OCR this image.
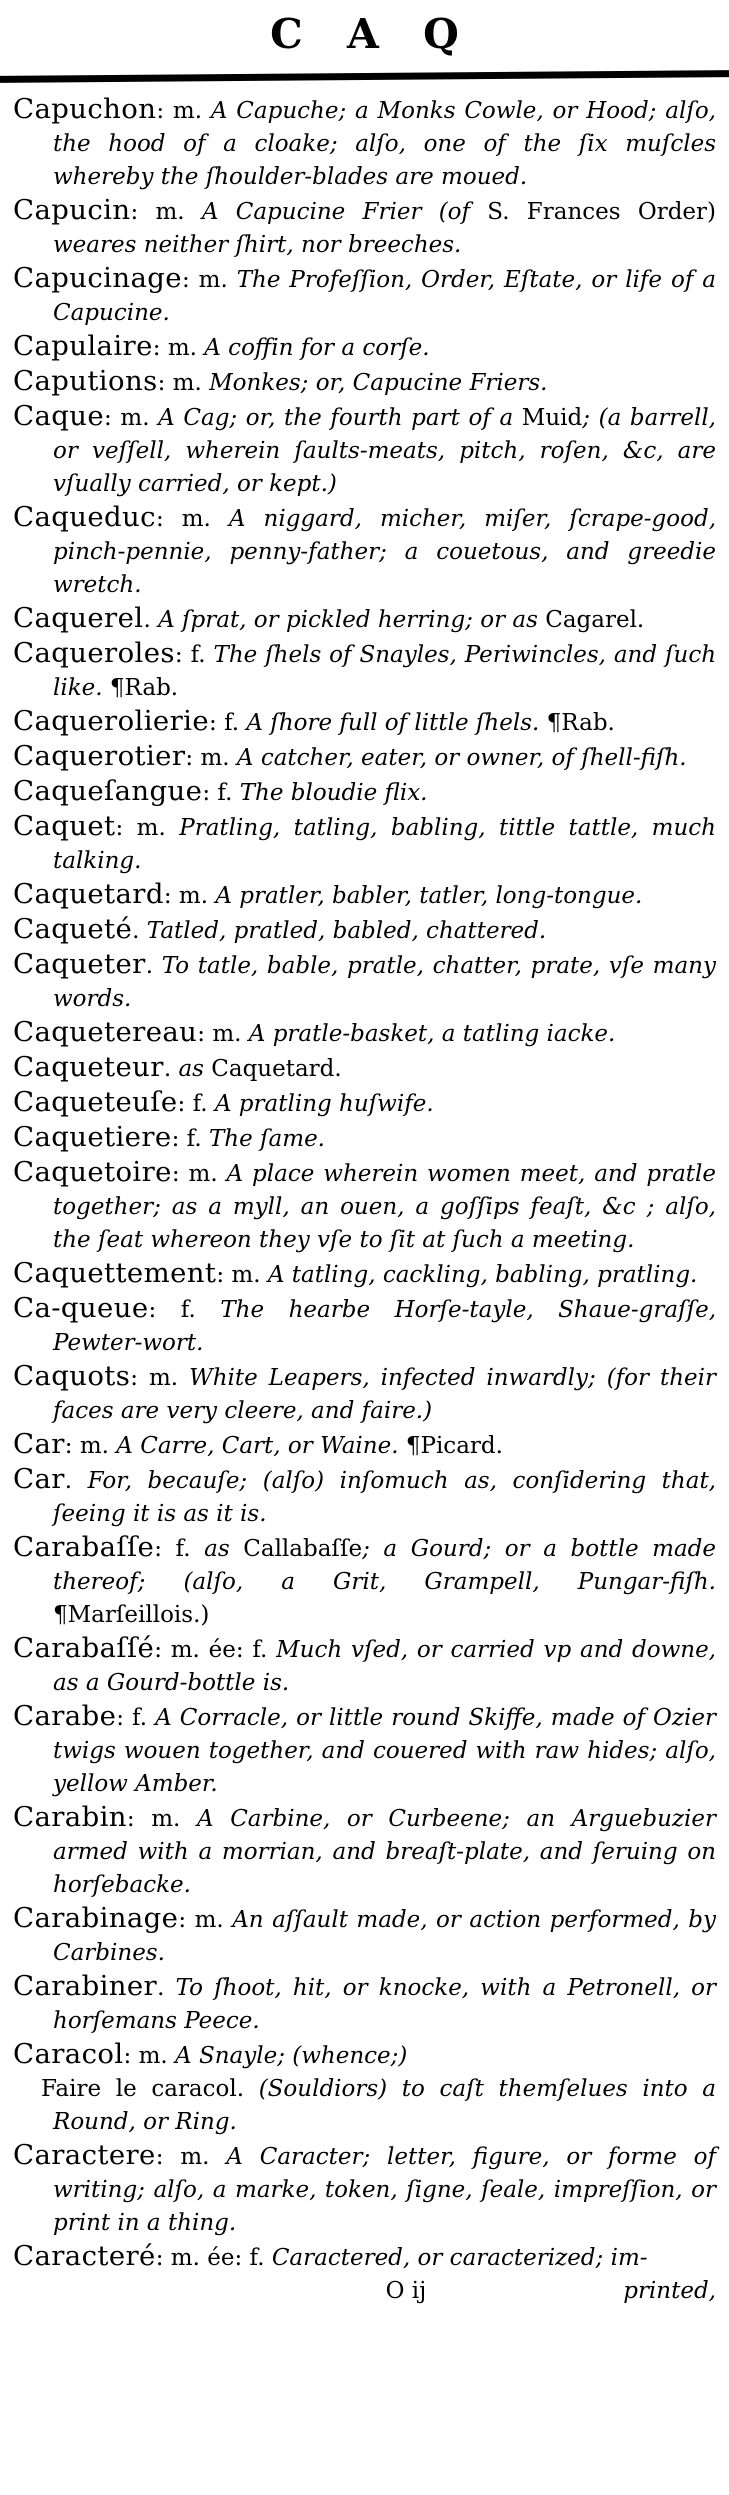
C A Q

Capuchon: m. A Capuche; a Monks Cowle, or Hood; alſo, the hood of a cloake; alſo, one of the ſix muſcles whereby the ſhoulder-blades are moued.

Capucin: m. A Capucine Frier (of S. Frances Order) weares neither ſhirt, nor breeches.

Capucinage: m. The Profeſſion, Order, Eſtate, or life of a Capucine.

Capulaire: m. A coffin for a corſe.

Caputions: m. Monkes; or, Capucine Friers.

Caque: m. A Cag; or, the fourth part of a Muid; (a barrell, or veſſell, wherein ſaults-meats, pitch, roſen, &c, are vſually carried, or kept.)

Caqueduc: m. A niggard, micher, miſer, ſcrape-good, pinch-pennie, penny-father; a couetous, and greedie wretch.

Caquerel. A ſprat, or pickled herring; or as Cagarel.

Caqueroles: f. The ſhels of Snayles, Periwincles, and ſuch like. ¶Rab.

Caquerolierie: f. A ſhore full of little ſhels. ¶Rab.

Caquerotier: m. A catcher, eater, or owner, of ſhell-fiſh.

Caqueſangue: f. The bloudie flix.

Caquet: m. Pratling, tatling, babling, tittle tattle, much talking.

Caquetard: m. A pratler, babler, tatler, long-tongue.

Caqueté. Tatled, pratled, babled, chattered.

Caqueter. To tatle, bable, pratle, chatter, prate, vſe many words.

Caquetereau: m. A pratle-basket, a tatling iacke.

Caqueteur. as Caquetard.

Caqueteuſe: f. A pratling huſwife.

Caquetiere: f. The ſame.

Caquetoire: m. A place wherein women meet, and pratle together; as a myll, an ouen, a goſſips feaſt, &c ; alſo, the ſeat whereon they vſe to ſit at ſuch a meeting.

Caquettement: m. A tatling, cackling, babling, pratling.

Ca-queue: f. The hearbe Horſe-tayle, Shaue-graſſe, Pewter-wort.

Caquots: m. White Leapers, infected inwardly; (for their faces are very cleere, and faire.)

Car: m. A Carre, Cart, or Waine. ¶Picard.

Car. For, becauſe; (alſo) inſomuch as, conſidering that, ſeeing it is as it is.

Carabaſſe: f. as Callabaſſe; a Gourd; or a bottle made thereof; (alſo, a Grit, Grampell, Pungar-fiſh. ¶Marſeillois.)

Carabaſſé: m. ée: f. Much vſed, or carried vp and downe, as a Gourd-bottle is.

Carabe: f. A Corracle, or little round Skiffe, made of Ozier twigs wouen together, and couered with raw hides; alſo, yellow Amber.

Carabin: m. A Carbine, or Curbeene; an Arguebuzier armed with a morrian, and breaſt-plate, and ſeruing on horſebacke.

Carabinage: m. An aſſault made, or action performed, by Carbines.

Carabiner. To ſhoot, hit, or knocke, with a Petronell, or horſemans Peece.

Caracol: m. A Snayle; (whence;)

Faire le caracol. (Souldiors) to caſt themſelues into a Round, or Ring.

Caractere: m. A Caracter; letter, figure, or forme of writing; alſo, a marke, token, ſigne, ſeale, impreſſion, or print in a thing.

Caracteré: m. ée: f. Caractered, or caracterized; im-

O ij	printed,
